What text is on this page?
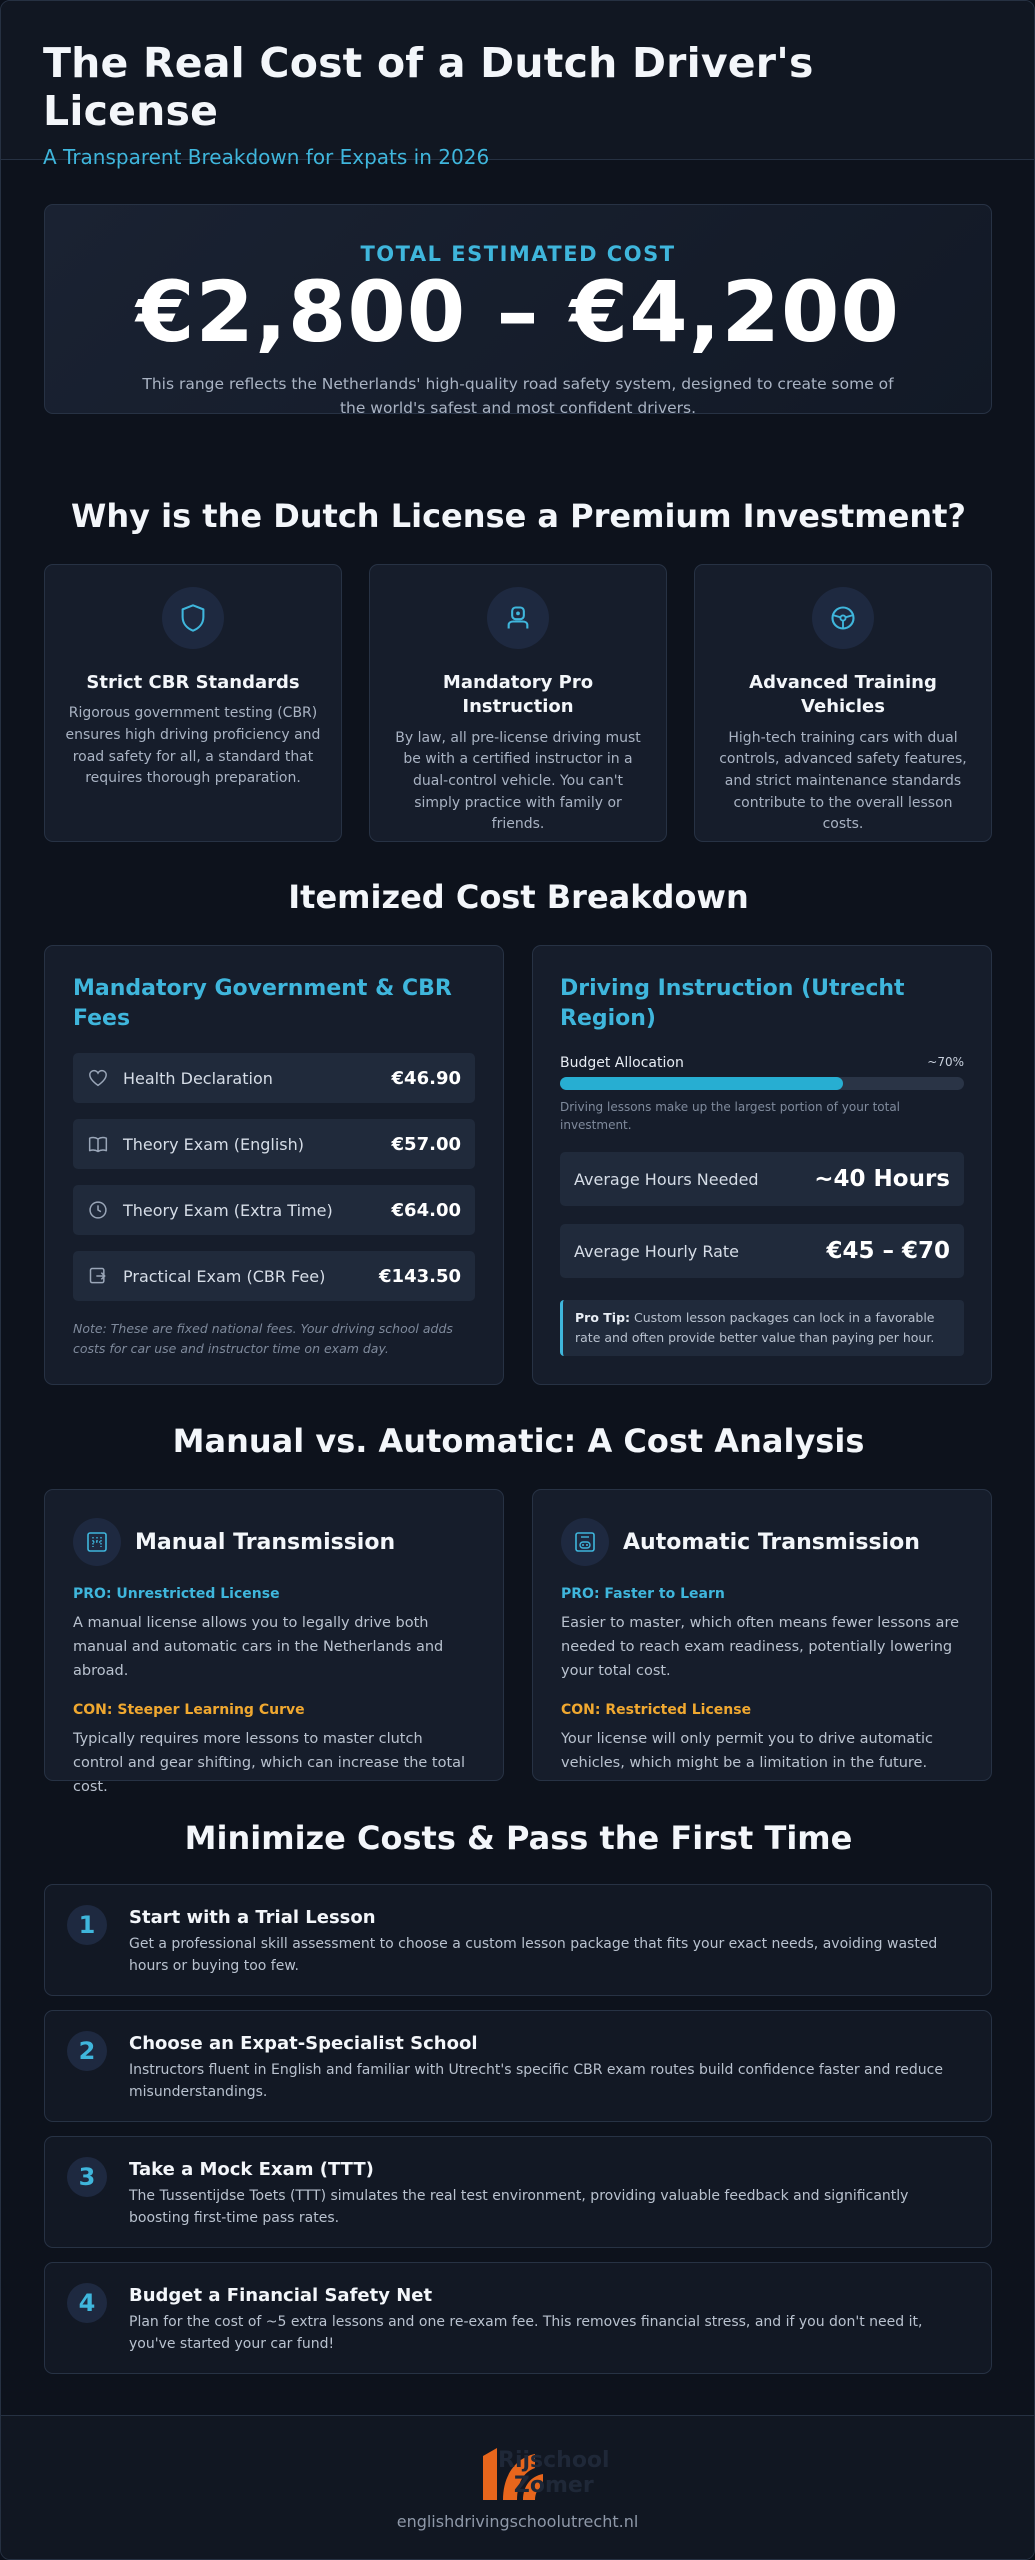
The Real Cost of a Dutch Driver's License
A Transparent Breakdown for Expats in 2026
TOTAL ESTIMATED COST
€2,800 – €4,200
This range reflects the Netherlands' high-quality road safety system, designed to create some of the world's safest and most confident drivers.
Why is the Dutch License a Premium Investment?
Strict CBR Standards

Rigorous government testing (CBR) ensures high driving proficiency and road safety for all, a standard that requires thorough preparation.

Mandatory Pro Instruction

By law, all pre-license driving must be with a certified instructor in a dual-control vehicle. You can't simply practice with family or friends.

Advanced Training Vehicles

High-tech training cars with dual controls, advanced safety features, and strict maintenance standards contribute to the overall lesson costs.

Itemized Cost Breakdown
Mandatory Government & CBR Fees
Health Declaration	€46.90
Theory Exam (English)	€57.00
Theory Exam (Extra Time)	€64.00
Practical Exam (CBR Fee)	€143.50
Note: These are fixed national fees. Your driving school adds costs for car use and instructor time on exam day.
Driving Instruction (Utrecht Region)
Budget Allocation	~70%
Driving lessons make up the largest portion of your total investment.
Average Hours Needed ~40 Hours
Average Hourly Rate	€45 – €70
Pro Tip: Custom lesson packages can lock in a favorable rate and often provide better value than paying per hour.
Manual vs. Automatic: A Cost Analysis
Manual Transmission
PRO: Unrestricted License

A manual license allows you to legally drive both manual and automatic cars in the Netherlands and abroad.

CON: Steeper Learning Curve

Typically requires more lessons to master clutch control and gear shifting, which can increase the total cost.

Automatic Transmission
PRO: Faster to Learn

Easier to master, which often means fewer lessons are needed to reach exam readiness, potentially lowering your total cost.

CON: Restricted License

Your license will only permit you to drive automatic vehicles, which might be a limitation in the future.

Minimize Costs & Pass the First Time
1	Start with a Trial Lesson

Get a professional skill assessment to choose a custom lesson package that fits your exact needs, avoiding wasted hours or buying too few.

2	Choose an Expat-Specialist School

Instructors fluent in English and familiar with Utrecht's specific CBR exam routes build confidence faster and reduce misunderstandings.

3	Take a Mock Exam (TTT)

The Tussentijdse Toets (TTT) simulates the real test environment, providing valuable feedback and significantly boosting first-time pass rates.

4	Budget a Financial Safety Net

Plan for the cost of ~5 extra lessons and one re-exam fee. This removes financial stress, and if you don't need it, you've started your car fund!

Rijschool
Zomer
englishdrivingschoolutrecht.nl
